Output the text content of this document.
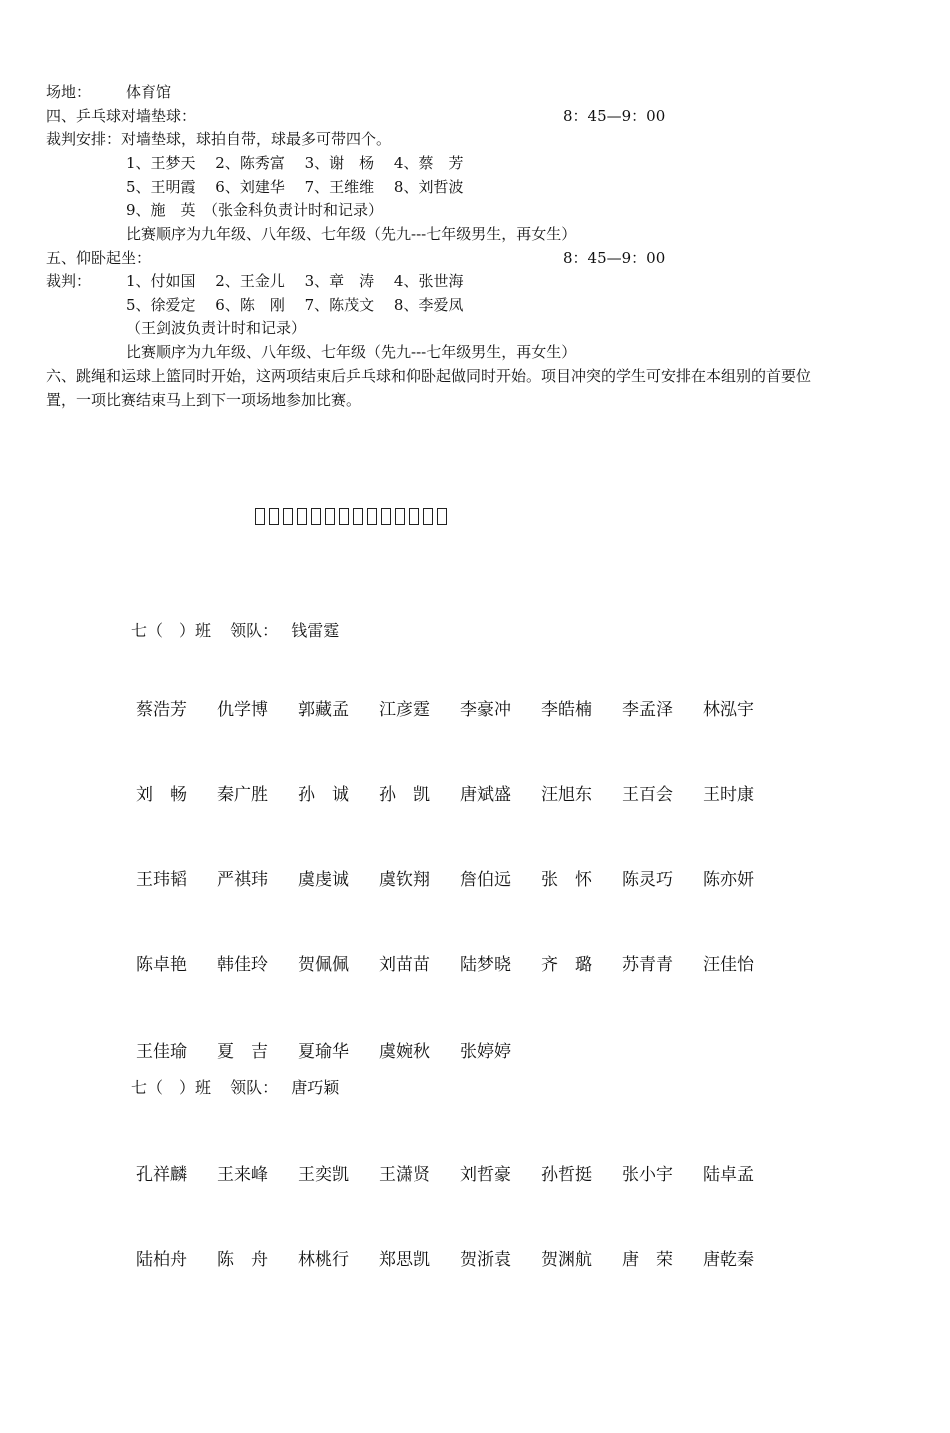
场地： 体育馆
四、乒乓球对墙垫球：	8：45—9：00
裁判安排：对墙垫球，球拍自带，球最多可带四个。
1、王梦天　 2、陈秀富　 3、谢　杨　 4、蔡　芳
5、王明霞　 6、刘建华　 7、王维维　 8、刘哲波
9、施　英　（张金科负责计时和记录）
比赛顺序为九年级、八年级、七年级（先九---七年级男生，再女生）
五、仰卧起坐：	8：45—9：00
裁判： 1、付如国　 2、王金儿　 3、章　涛　 4、张世海
5、徐爱定　 6、陈　刚　 7、陈茂文　 8、李爱凤
（王剑波负责计时和记录）
比赛顺序为九年级、八年级、七年级（先九---七年级男生，再女生）
六、跳绳和运球上篮同时开始，这两项结束后乒乓球和仰卧起做同时开始。项目冲突的学生可安排在本组别的首要位
置，一项比赛结束马上到下一项场地参加比赛。
七（　）班 领队： 钱雷霆
蔡浩芳 仇学博 郭藏孟 江彦霆 李豪冲 李皓楠 李孟泽 林泓宇
刘　畅 秦广胜 孙　诚 孙　凯 唐斌盛 汪旭东 王百会 王时康
王玮韬 严祺玮 虞虔诚 虞钦翔 詹伯远 张　怀 陈灵巧 陈亦妍
陈卓艳 韩佳玲 贺佩佩 刘苗苗 陆梦晓 齐　璐 苏青青 汪佳怡
王佳瑜 夏　吉 夏瑜华 虞婉秋 张婷婷
七（　）班 领队： 唐巧颖
孔祥麟 王来峰 王奕凯 王潇贤 刘哲豪 孙哲挺 张小宇 陆卓孟
陆柏舟 陈　舟 林桃行 郑思凯 贺浙袁 贺渊航 唐　荣 唐乾秦
